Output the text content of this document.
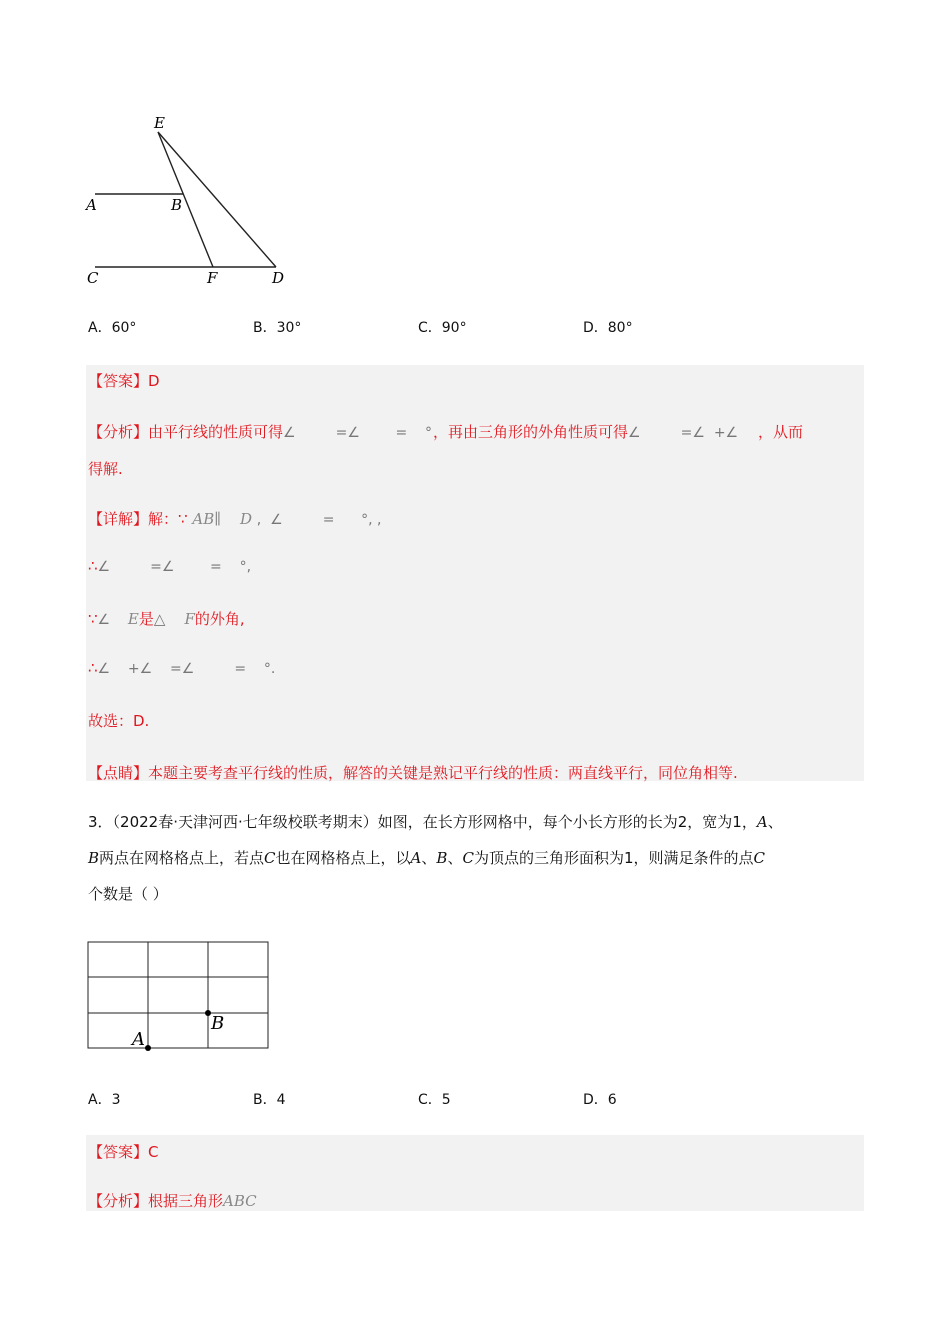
E
A	B
C	F	D
A．60°	B．30°	C．90°	D．80°
【答案】D
【分析】由平行线的性质可得∠         =∠        =    °，再由三角形的外角性质可得∠         =∠  +∠ ，从而
得解.
【详解】解：∵ AB∥ D ,  ∠         =      °, ,
∴∠         =∠        =    °,
∵∠    E是△ F的外角,
∴∠    +∠    =∠         =    °.
故选：D.
【点睛】本题主要考查平行线的性质，解答的关键是熟记平行线的性质：两直线平行，同位角相等.
3．（2022春·天津河西·七年级校联考期末）如图，在长方形网格中，每个小长方形的长为2，宽为1，A、
B两点在网格格点上，若点C也在网格格点上，以A、B、C为顶点的三角形面积为1，则满足条件的点C
个数是（ ）
A
B
A．3	B．4	C．5	D．6
【答案】C
【分析】根据三角形ABC
